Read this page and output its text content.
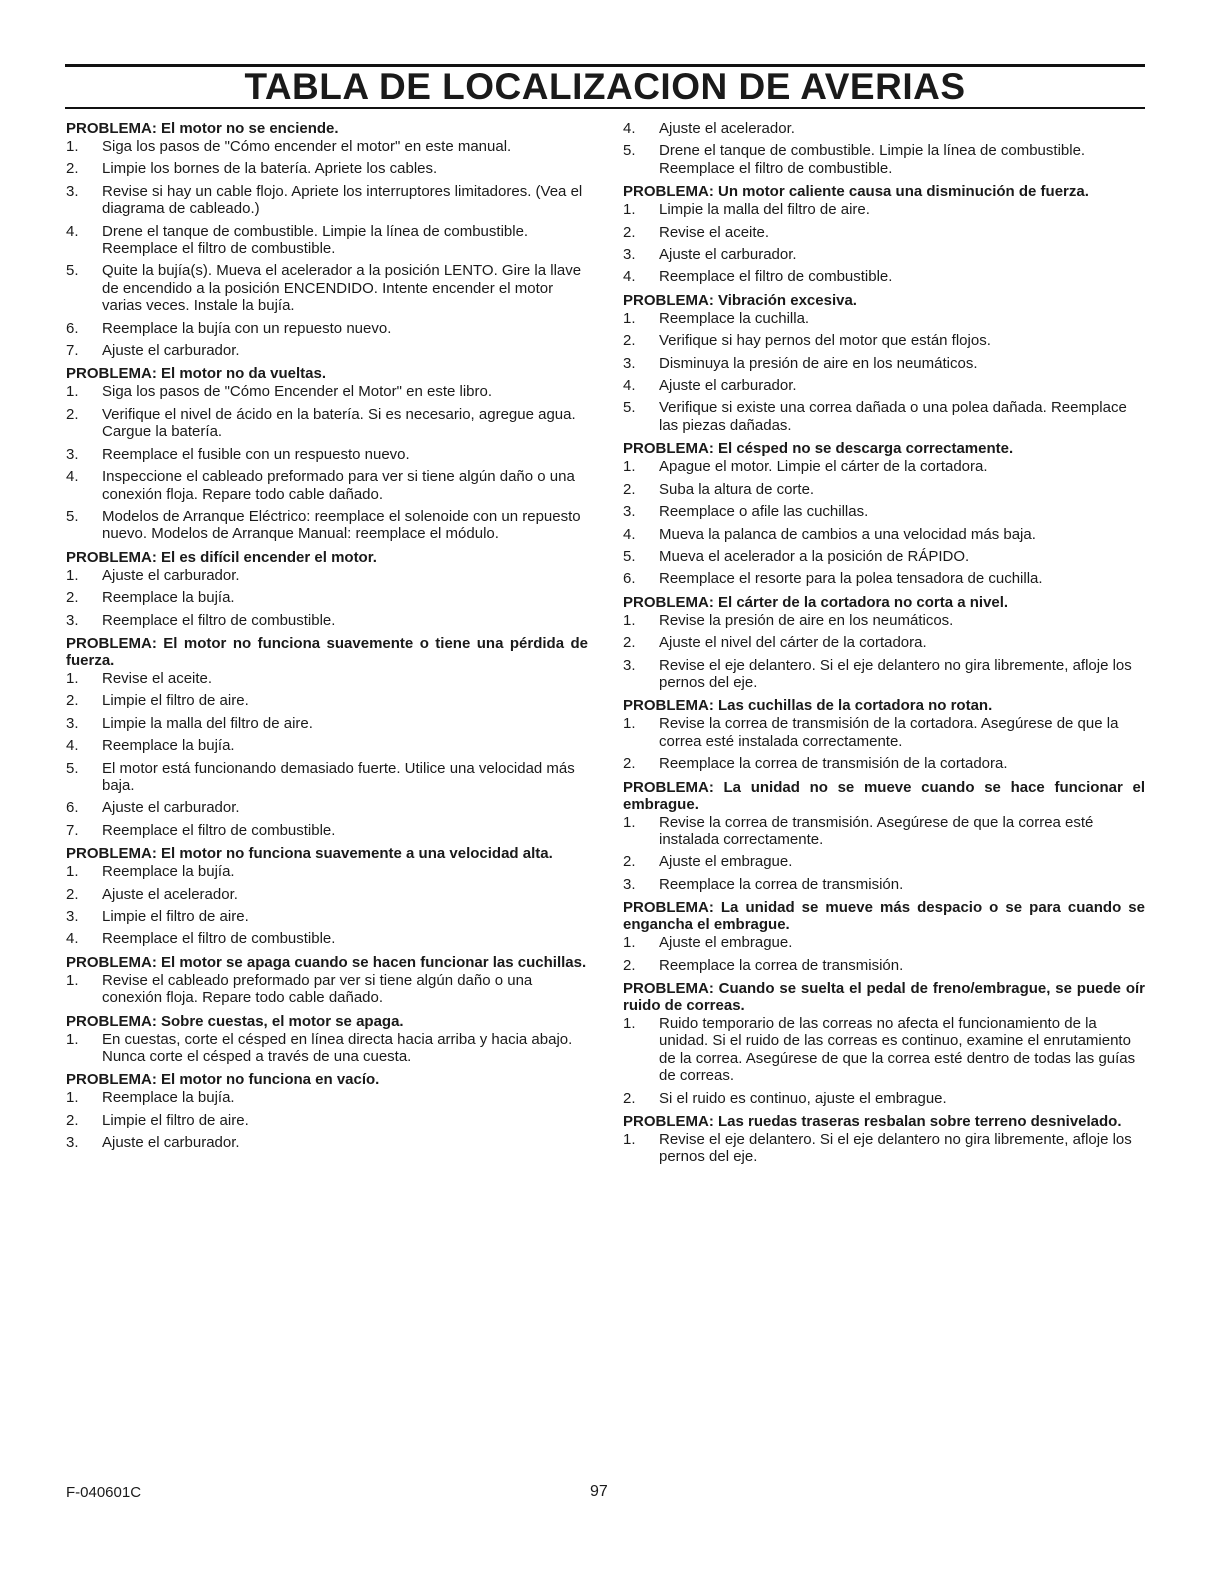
TABLA DE LOCALIZACION DE AVERIAS
PROBLEMA: El motor no se enciende.
1. Siga los pasos de "Cómo encender el motor" en este manual.
2. Limpie los bornes de la batería. Apriete los cables.
3. Revise si hay un cable flojo. Apriete los interruptores limitadores. (Vea el diagrama de cableado.)
4. Drene el tanque de combustible. Limpie la línea de combustible. Reemplace el filtro de combustible.
5. Quite la bujía(s). Mueva el acelerador a la posición LENTO. Gire la llave de encendido a la posición ENCENDIDO. Intente encender el motor varias veces. Instale la bujía.
6. Reemplace la bujía con un repuesto nuevo.
7. Ajuste el carburador.
PROBLEMA: El motor no da vueltas.
1. Siga los pasos de "Cómo Encender el Motor" en este libro.
2. Verifique el nivel de ácido en la batería. Si es necesario, agregue agua. Cargue la batería.
3. Reemplace el fusible con un respuesto nuevo.
4. Inspeccione el cableado preformado para ver si tiene algún daño o una conexión floja. Repare todo cable dañado.
5. Modelos de Arranque Eléctrico: reemplace el solenoide con un repuesto nuevo. Modelos de Arranque Manual: reemplace el módulo.
PROBLEMA: El es difícil encender el motor.
1. Ajuste el carburador.
2. Reemplace la bujía.
3. Reemplace el filtro de combustible.
PROBLEMA: El motor no funciona suavemente o tiene una pérdida de fuerza.
1. Revise el aceite.
2. Limpie el filtro de aire.
3. Limpie la malla del filtro de aire.
4. Reemplace la bujía.
5. El motor está funcionando demasiado fuerte. Utilice una velocidad más baja.
6. Ajuste el carburador.
7. Reemplace el filtro de combustible.
PROBLEMA: El motor no funciona suavemente a una velocidad alta.
1. Reemplace la bujía.
2. Ajuste el acelerador.
3. Limpie el filtro de aire.
4. Reemplace el filtro de combustible.
PROBLEMA: El motor se apaga cuando se hacen funcionar las cuchillas.
1. Revise el cableado preformado par ver si tiene algún daño o una conexión floja. Repare todo cable dañado.
PROBLEMA: Sobre cuestas, el motor se apaga.
1. En cuestas, corte el césped en línea directa hacia arriba y hacia abajo. Nunca corte el césped a través de una cuesta.
PROBLEMA: El motor no funciona en vacío.
1. Reemplace la bujía.
2. Limpie el filtro de aire.
3. Ajuste el carburador.
4. Ajuste el acelerador.
5. Drene el tanque de combustible. Limpie la línea de combustible. Reemplace el filtro de combustible.
PROBLEMA: Un motor caliente causa una disminución de fuerza.
1. Limpie la malla del filtro de aire.
2. Revise el aceite.
3. Ajuste el carburador.
4. Reemplace el filtro de combustible.
PROBLEMA: Vibración excesiva.
1. Reemplace la cuchilla.
2. Verifique si hay pernos del motor que están flojos.
3. Disminuya la presión de aire en los neumáticos.
4. Ajuste el carburador.
5. Verifique si existe una correa dañada o una polea dañada. Reemplace las piezas dañadas.
PROBLEMA: El césped no se descarga correctamente.
1. Apague el motor. Limpie el cárter de la cortadora.
2. Suba la altura de corte.
3. Reemplace o afile las cuchillas.
4. Mueva la palanca de cambios a una velocidad más baja.
5. Mueva el acelerador a la posición de RÁPIDO.
6. Reemplace el resorte para la polea tensadora de cuchilla.
PROBLEMA: El cárter de la cortadora no corta a nivel.
1. Revise la presión de aire en los neumáticos.
2. Ajuste el nivel del cárter de la cortadora.
3. Revise el eje delantero. Si el eje delantero no gira libremente, afloje los pernos del eje.
PROBLEMA: Las cuchillas de la cortadora no rotan.
1. Revise la correa de transmisión de la cortadora. Asegúrese de que la correa esté instalada correctamente.
2. Reemplace la correa de transmisión de la cortadora.
PROBLEMA: La unidad no se mueve cuando se hace funcionar el embrague.
1. Revise la correa de transmisión. Asegúrese de que la correa esté instalada correctamente.
2. Ajuste el embrague.
3. Reemplace la correa de transmisión.
PROBLEMA: La unidad se mueve más despacio o se para cuando se engancha el embrague.
1. Ajuste el embrague.
2. Reemplace la correa de transmisión.
PROBLEMA: Cuando se suelta el pedal de freno/embrague, se puede oír ruido de correas.
1. Ruido temporario de las correas no afecta el funcionamiento de la unidad. Si el ruido de las correas es continuo, examine el enrutamiento de la correa. Asegúrese de que la correa esté dentro de todas las guías de correas.
2. Si el ruido es continuo, ajuste el embrague.
PROBLEMA: Las ruedas traseras resbalan sobre terreno desnivelado.
1. Revise el eje delantero. Si el eje delantero no gira libremente, afloje los pernos del eje.
F-040601C	97
